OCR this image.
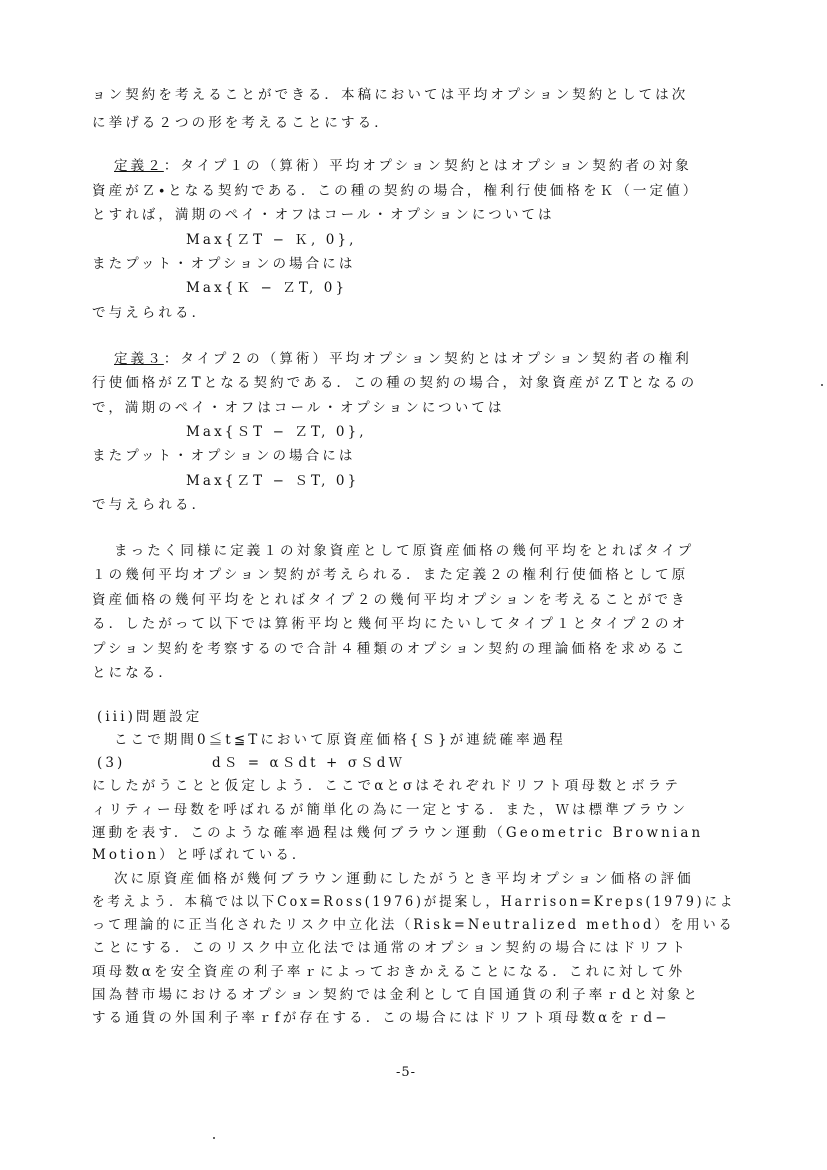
ョン契約を考えることができる．本稿においては平均オプション契約としては次
に挙げる２つの形を考えることにする．
定義２：タイプ１の（算術）平均オプション契約とはオプション契約者の対象
資産がＺ∙となる契約である．この種の契約の場合，権利行使価格をＫ（一定値）
とすれば，満期のペイ・オフはコール・オプションについては
Max{ＺT − Ｋ, 0},
またプット・オプションの場合には
Max{Ｋ − ＺT, 0}
で与えられる．
定義３：タイプ２の（算術）平均オプション契約とはオプション契約者の権利
行使価格がＺTとなる契約である．この種の契約の場合，対象資産がＺTとなるの
で，満期のペイ・オフはコール・オプションについては
Max{ＳT − ＺT, 0},
またプット・オプションの場合には
Max{ＺT − ＳT, 0}
で与えられる．
まったく同様に定義１の対象資産として原資産価格の幾何平均をとればタイプ
１の幾何平均オプション契約が考えられる．また定義２の権利行使価格として原
資産価格の幾何平均をとればタイプ２の幾何平均オプションを考えることができ
る．したがって以下では算術平均と幾何平均にたいしてタイプ１とタイプ２のオ
プション契約を考察するので合計４種類のオプション契約の理論価格を求めるこ
とになる．
(iii)問題設定
ここで期間0≦t≦Tにおいて原資産価格{Ｓ}が連続確率過程
(3)	dＳ = αＳdt + σＳdＷ
にしたがうことと仮定しよう．ここでαとσはそれぞれドリフト項母数とボラテ
ィリティー母数を呼ばれるが簡単化の為に一定とする．また，Ｗは標準ブラウン
運動を表す．このような確率過程は幾何ブラウン運動（Geometric Brownian
Motion）と呼ばれている．
次に原資産価格が幾何ブラウン運動にしたがうとき平均オプション価格の評価
を考えよう．本稿では以下Cox=Ross(1976)が提案し，Harrison=Kreps(1979)によ
って理論的に正当化されたリスク中立化法（Risk=Neutralized method）を用いる
ことにする．このリスク中立化法では通常のオプション契約の場合にはドリフト
項母数αを安全資産の利子率ｒによっておきかえることになる．これに対して外
国為替市場におけるオプション契約では金利として自国通貨の利子率ｒdと対象と
する通貨の外国利子率ｒfが存在する．この場合にはドリフト項母数αをｒd−
-5-
